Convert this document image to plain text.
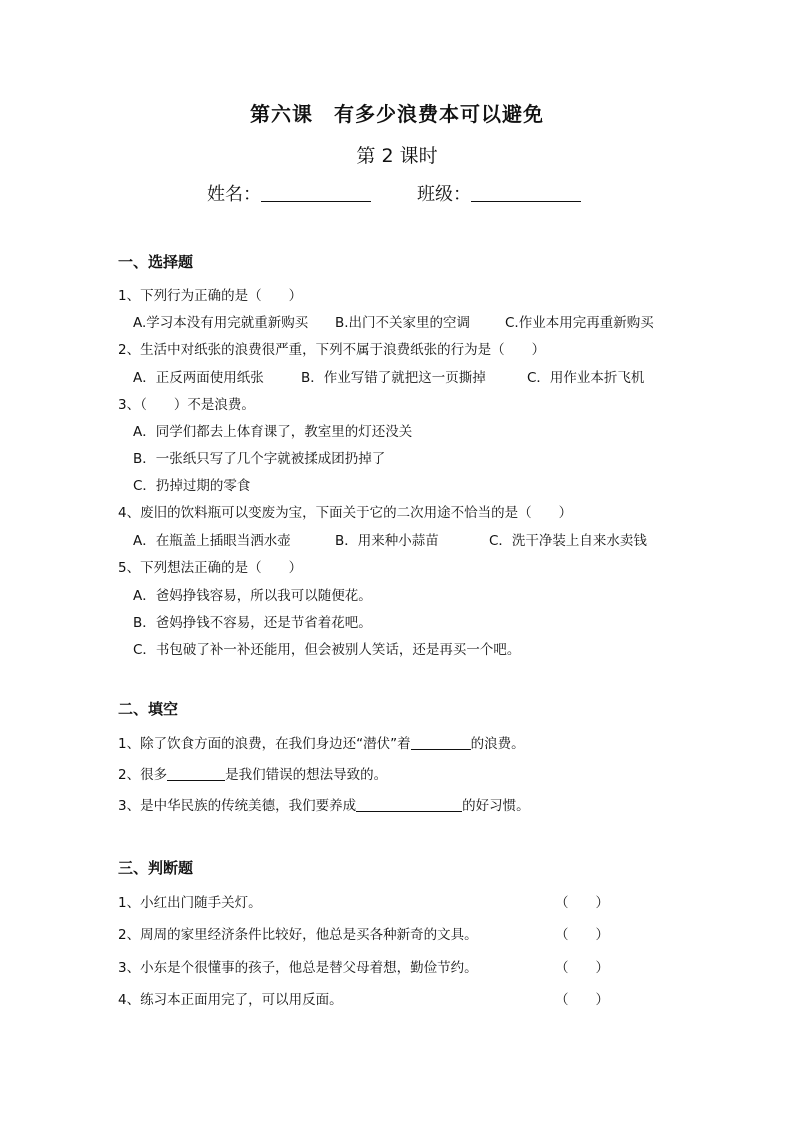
第六课　有多少浪费本可以避免
第 2 课时
姓名：	班级：
一、选择题
1、下列行为正确的是（　　）
A.学习本没有用完就重新购买 B.出门不关家里的空调	C.作业本用完再重新购买
2、生活中对纸张的浪费很严重，下列不属于浪费纸张的行为是（　　）
A．正反两面使用纸张	B．作业写错了就把这一页撕掉	C．用作业本折飞机
3、（　　）不是浪费。
A．同学们都去上体育课了，教室里的灯还没关
B．一张纸只写了几个字就被揉成团扔掉了
C．扔掉过期的零食
4、废旧的饮料瓶可以变废为宝，下面关于它的二次用途不恰当的是（　　）
A．在瓶盖上插眼当洒水壶	B．用来种小蒜苗	C．洗干净装上自来水卖钱
5、下列想法正确的是（　　）
A．爸妈挣钱容易，所以我可以随便花。
B．爸妈挣钱不容易，还是节省着花吧。
C．书包破了补一补还能用，但会被别人笑话，还是再买一个吧。
二、填空
1、除了饮食方面的浪费，在我们身边还“潜伏”着	的浪费。
2、很多	是我们错误的想法导致的。
3、是中华民族的传统美德，我们要养成	的好习惯。
三、判断题
1、小红出门随手关灯。	（　　）
2、周周的家里经济条件比较好，他总是买各种新奇的文具。	（　　）
3、小东是个很懂事的孩子，他总是替父母着想，勤俭节约。	（　　）
4、练习本正面用完了，可以用反面。	（　　）
